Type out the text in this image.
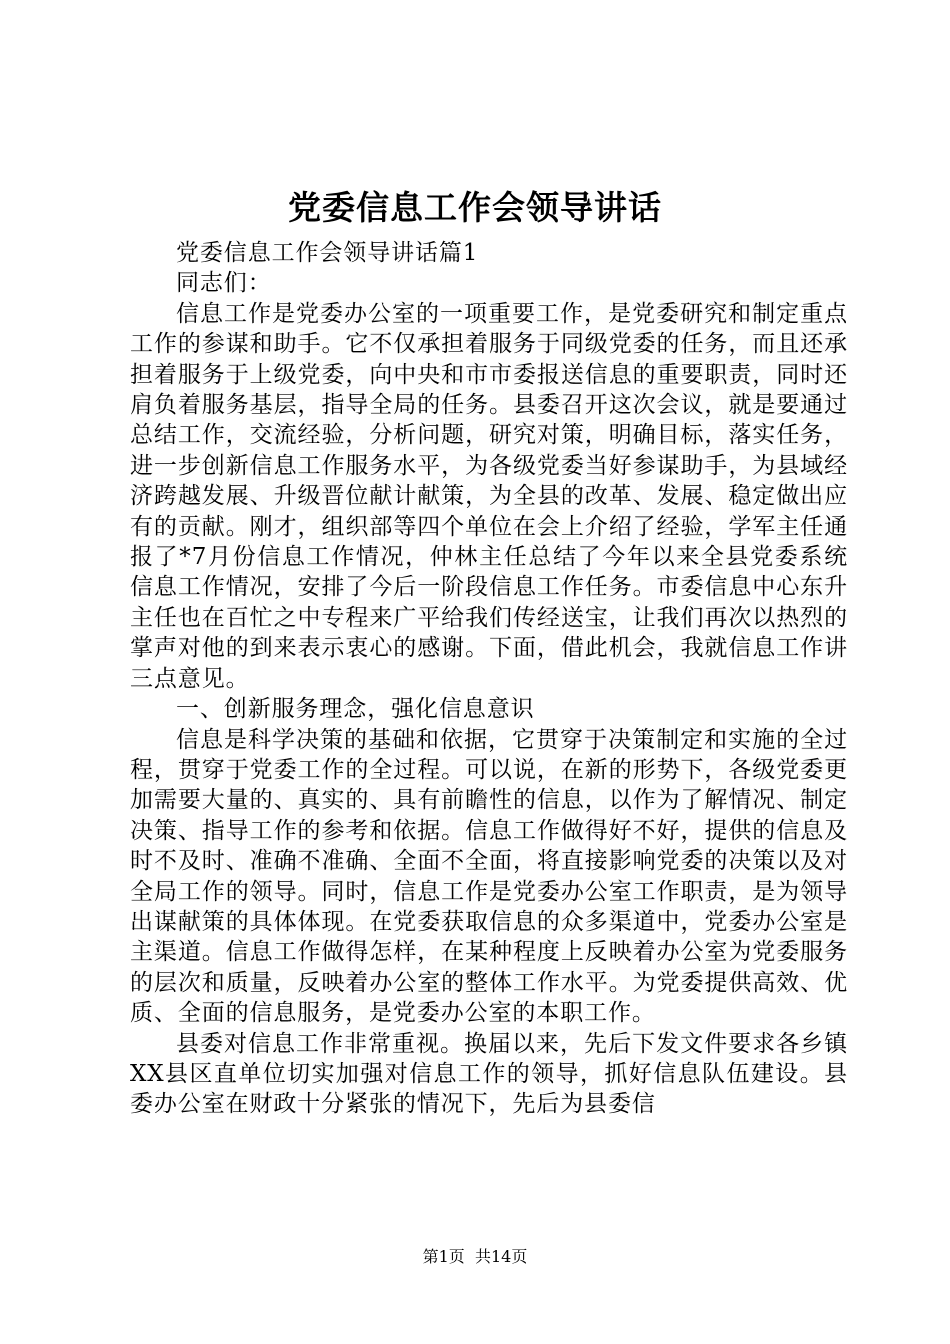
党委信息工作会领导讲话

党委信息工作会领导讲话篇1

同志们：

信息工作是党委办公室的一项重要工作，是党委研究和制定重点工作的参谋和助手。它不仅承担着服务于同级党委的任务，而且还承担着服务于上级党委，向中央和市市委报送信息的重要职责，同时还肩负着服务基层，指导全局的任务。县委召开这次会议，就是要通过总结工作，交流经验，分析问题，研究对策，明确目标，落实任务，进一步创新信息工作服务水平，为各级党委当好参谋助手，为县域经济跨越发展、升级晋位献计献策，为全县的改革、发展、稳定做出应有的贡献。刚才，组织部等四个单位在会上介绍了经验，学军主任通报了*7月份信息工作情况，仲林主任总结了今年以来全县党委系统信息工作情况，安排了今后一阶段信息工作任务。市委信息中心东升主任也在百忙之中专程来广平给我们传经送宝，让我们再次以热烈的掌声对他的到来表示衷心的感谢。下面，借此机会，我就信息工作讲三点意见。

一、创新服务理念，强化信息意识

信息是科学决策的基础和依据，它贯穿于决策制定和实施的全过程，贯穿于党委工作的全过程。可以说，在新的形势下，各级党委更加需要大量的、真实的、具有前瞻性的信息，以作为了解情况、制定决策、指导工作的参考和依据。信息工作做得好不好，提供的信息及时不及时、准确不准确、全面不全面，将直接影响党委的决策以及对全局工作的领导。同时，信息工作是党委办公室工作职责，是为领导出谋献策的具体体现。在党委获取信息的众多渠道中，党委办公室是主渠道。信息工作做得怎样，在某种程度上反映着办公室为党委服务的层次和质量，反映着办公室的整体工作水平。为党委提供高效、优质、全面的信息服务，是党委办公室的本职工作。

县委对信息工作非常重视。换届以来，先后下发文件要求各乡镇XX县区直单位切实加强对信息工作的领导，抓好信息队伍建设。县委办公室在财政十分紧张的情况下，先后为县委信

第1页 共14页
